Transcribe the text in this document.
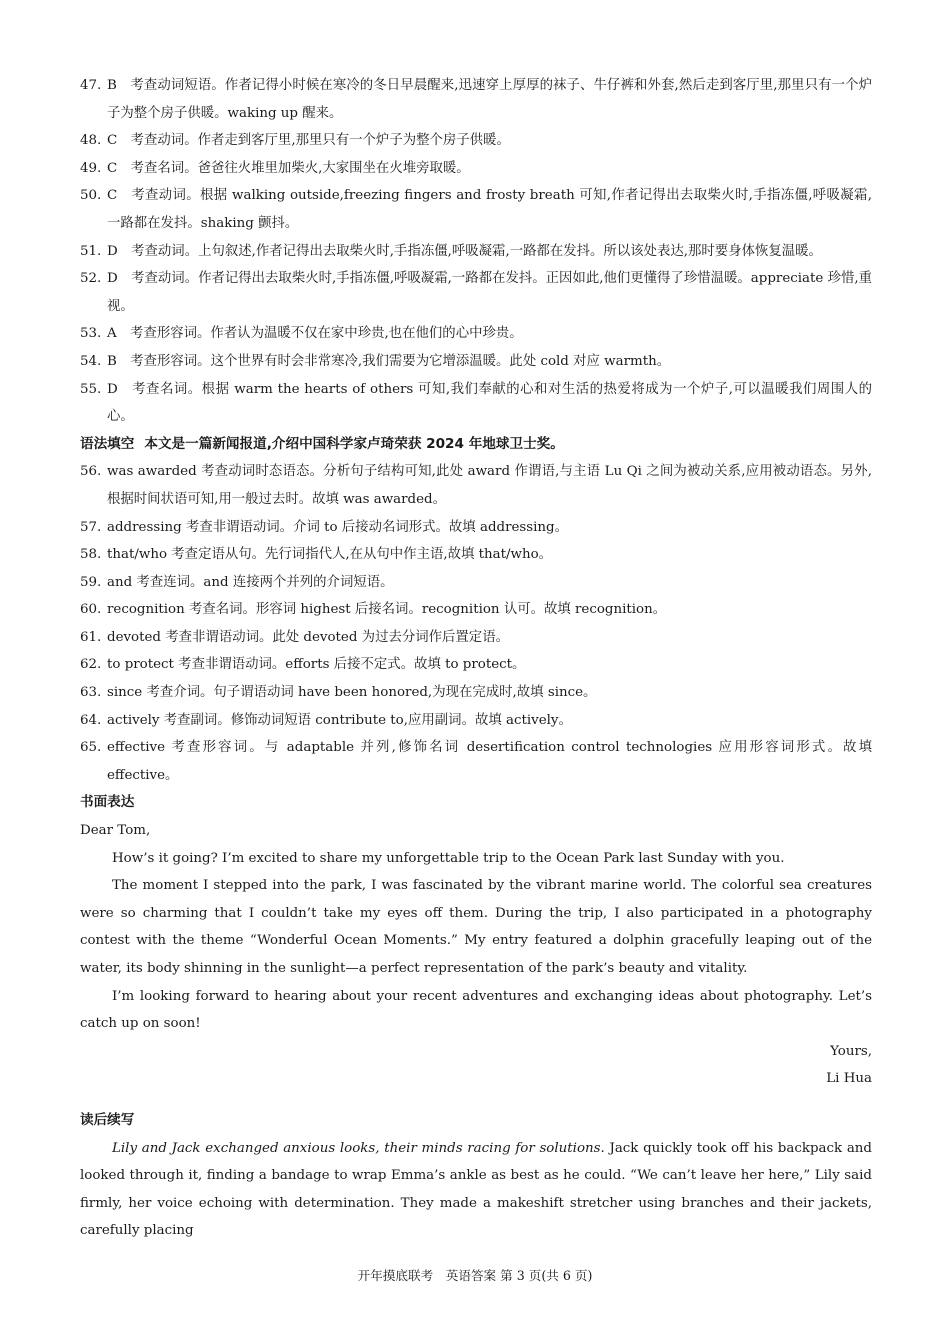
47. B　考查动词短语。作者记得小时候在寒冷的冬日早晨醒来,迅速穿上厚厚的袜子、牛仔裤和外套,然后走到客厅里,那里只有一个炉子为整个房子供暖。waking up 醒来。
48. C　考查动词。作者走到客厅里,那里只有一个炉子为整个房子供暖。
49. C　考查名词。爸爸往火堆里加柴火,大家围坐在火堆旁取暖。
50. C　考查动词。根据 walking outside,freezing fingers and frosty breath 可知,作者记得出去取柴火时,手指冻僵,呼吸凝霜,一路都在发抖。shaking 颤抖。
51. D　考查动词。上句叙述,作者记得出去取柴火时,手指冻僵,呼吸凝霜,一路都在发抖。所以该处表达,那时要身体恢复温暖。
52. D　考查动词。作者记得出去取柴火时,手指冻僵,呼吸凝霜,一路都在发抖。正因如此,他们更懂得了珍惜温暖。appreciate 珍惜,重视。
53. A　考查形容词。作者认为温暖不仅在家中珍贵,也在他们的心中珍贵。
54. B　考查形容词。这个世界有时会非常寒冷,我们需要为它增添温暖。此处 cold 对应 warmth。
55. D　考查名词。根据 warm the hearts of others 可知,我们奉献的心和对生活的热爱将成为一个炉子,可以温暖我们周围人的心。
语法填空 本文是一篇新闻报道,介绍中国科学家卢琦荣获 2024 年地球卫士奖。
56. was awarded 考查动词时态语态。分析句子结构可知,此处 award 作谓语,与主语 Lu Qi 之间为被动关系,应用被动语态。另外,根据时间状语可知,用一般过去时。故填 was awarded。
57. addressing 考查非谓语动词。介词 to 后接动名词形式。故填 addressing。
58. that/who 考查定语从句。先行词指代人,在从句中作主语,故填 that/who。
59. and 考查连词。and 连接两个并列的介词短语。
60. recognition 考查名词。形容词 highest 后接名词。recognition 认可。故填 recognition。
61. devoted 考查非谓语动词。此处 devoted 为过去分词作后置定语。
62. to protect 考查非谓语动词。efforts 后接不定式。故填 to protect。
63. since 考查介词。句子谓语动词 have been honored,为现在完成时,故填 since。
64. actively 考查副词。修饰动词短语 contribute to,应用副词。故填 actively。
65. effective 考查形容词。与 adaptable 并列,修饰名词 desertification control technologies 应用形容词形式。故填 effective。
书面表达
Dear Tom,
How’s it going? I’m excited to share my unforgettable trip to the Ocean Park last Sunday with you.
The moment I stepped into the park, I was fascinated by the vibrant marine world. The colorful sea creatures were so charming that I couldn’t take my eyes off them. During the trip, I also participated in a photography contest with the theme “Wonderful Ocean Moments.” My entry featured a dolphin gracefully leaping out of the water, its body shinning in the sunlight—a perfect representation of the park’s beauty and vitality.
I’m looking forward to hearing about your recent adventures and exchanging ideas about photography. Let’s catch up on soon!
Yours,
Li Hua
读后续写
Lily and Jack exchanged anxious looks, their minds racing for solutions. Jack quickly took off his backpack and looked through it, finding a bandage to wrap Emma’s ankle as best as he could. “We can’t leave her here,” Lily said firmly, her voice echoing with determination. They made a makeshift stretcher using branches and their jackets, carefully placing
开年摸底联考　英语答案 第 3 页(共 6 页)
